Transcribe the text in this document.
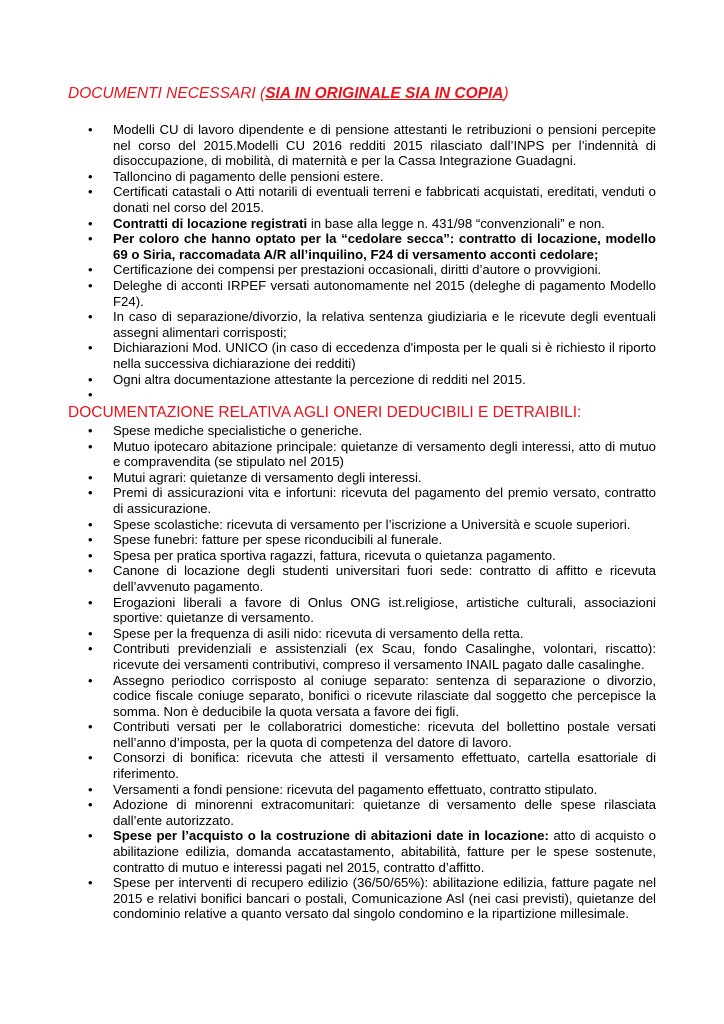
DOCUMENTI NECESSARI (SIA IN ORIGINALE SIA IN COPIA)
• Modelli CU di lavoro dipendente e di pensione attestanti le retribuzioni o pensioni percepite nel corso del 2015.Modelli CU 2016 redditi 2015 rilasciato dall’INPS per l’indennità di disoccupazione, di mobilità, di maternità e per la Cassa Integrazione Guadagni.
• Talloncino di pagamento delle pensioni estere.
• Certificati catastali o Atti notarili di eventuali terreni e fabbricati acquistati, ereditati, venduti o donati nel corso del 2015.
• Contratti di locazione registrati in base alla legge n. 431/98 “convenzionali” e non.
• Per coloro che hanno optato per la “cedolare secca”: contratto di locazione, modello 69 o Siria, raccomadata A/R all’inquilino, F24 di versamento acconti cedolare;
• Certificazione dei compensi per prestazioni occasionali, diritti d’autore o provvigioni.
• Deleghe di acconti IRPEF versati autonomamente nel 2015 (deleghe di pagamento Modello F24).
• In caso di separazione/divorzio, la relativa sentenza giudiziaria e le ricevute degli eventuali assegni alimentari corrisposti;
• Dichiarazioni Mod. UNICO (in caso di eccedenza d'imposta per le quali si è richiesto il riporto nella successiva dichiarazione dei redditi)
• Ogni altra documentazione attestante la percezione di redditi nel 2015.
•

DOCUMENTAZIONE RELATIVA AGLI ONERI DEDUCIBILI E DETRAIBILI:
• Spese mediche specialistiche o generiche.
• Mutuo ipotecaro abitazione principale: quietanze di versamento degli interessi, atto di mutuo e compravendita (se stipulato nel 2015)
• Mutui agrari: quietanze di versamento degli interessi.
• Premi di assicurazioni vita e infortuni: ricevuta del pagamento del premio versato, contratto di assicurazione.
• Spese scolastiche: ricevuta di versamento per l’iscrizione a Università e scuole superiori.
• Spese funebri: fatture per spese riconducibili al funerale.
• Spesa per pratica sportiva ragazzi, fattura, ricevuta o quietanza pagamento.
• Canone di locazione degli studenti universitari fuori sede: contratto di affitto e ricevuta dell’avvenuto pagamento.
• Erogazioni liberali a favore di Onlus ONG ist.religiose, artistiche culturali, associazioni sportive: quietanze di versamento.
• Spese per la frequenza di asili nido: ricevuta di versamento della retta.
• Contributi previdenziali e assistenziali (ex Scau, fondo Casalinghe, volontari, riscatto): ricevute dei versamenti contributivi, compreso il versamento INAIL pagato dalle casalinghe.
• Assegno periodico corrisposto al coniuge separato: sentenza di separazione o divorzio, codice fiscale coniuge separato, bonifici o ricevute rilasciate dal soggetto che percepisce la somma. Non è deducibile la quota versata a favore dei figli.
• Contributi versati per le collaboratrici domestiche: ricevuta del bollettino postale versati nell’anno d’imposta, per la quota di competenza del datore di lavoro.
• Consorzi di bonifica: ricevuta che attesti il versamento effettuato, cartella esattoriale di riferimento.
• Versamenti a fondi pensione: ricevuta del pagamento effettuato, contratto stipulato.
• Adozione di minorenni extracomunitari: quietanze di versamento delle spese rilasciata dall’ente autorizzato.
• Spese per l’acquisto o la costruzione di abitazioni date in locazione: atto di acquisto o abilitazione edilizia, domanda accatastamento, abitabilità, fatture per le spese sostenute, contratto di mutuo e interessi pagati nel 2015, contratto d’affitto.
• Spese per interventi di recupero edilizio (36/50/65%): abilitazione edilizia, fatture pagate nel 2015 e relativi bonifici bancari o postali, Comunicazione Asl (nei casi previsti), quietanze del condominio relative a quanto versato dal singolo condomino e la ripartizione millesimale.
